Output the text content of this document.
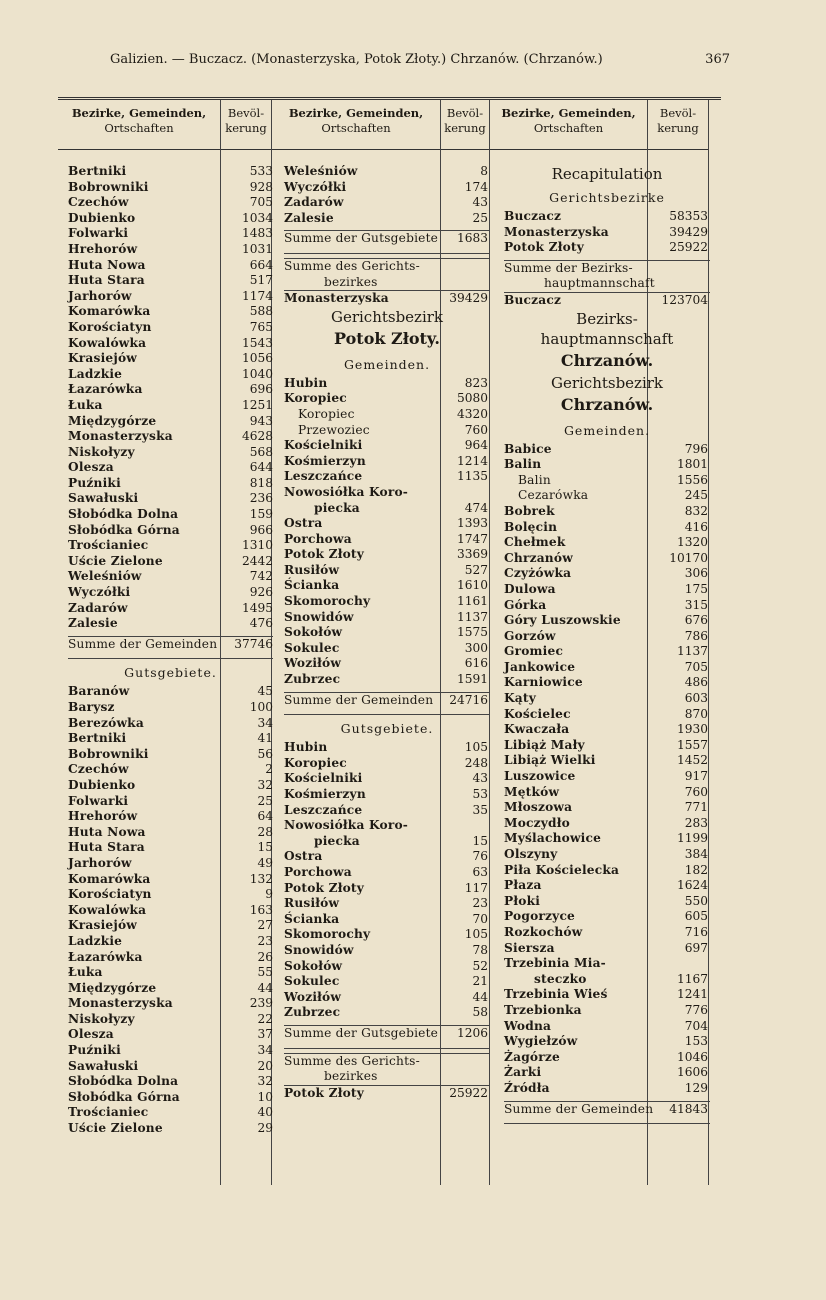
Galizien. — Buczacz. (Monasterzyska, Potok Złoty.) Chrzanów. (Chrzanów.)	367
Bezirke, Gemeinden,
Ortschaften
Bevöl-
kerung
Bezirke, Gemeinden,
Ortschaften
Bevöl-
kerung
Bezirke, Gemeinden,
Ortschaften
Bevöl-
kerung
Bertniki	533
Bobrowniki	928
Czechów	705
Dubienko	1034
Folwarki	1483
Hrehorów	1031
Huta Nowa	664
Huta Stara	517
Jarhorów	1174
Komarówka	588
Korościatyn	765
Kowalówka	1543
Krasiejów	1056
Ladzkie	1040
Łazarówka	696
Łuka	1251
Międzygórze	943
Monasterzyska	4628
Niskołyzy	568
Olesza	644
Puźniki	818
Sawałuski	236
Słobódka Dolna	159
Słobódka Górna	966
Trościaniec	1310
Uście Zielone	2442
Weleśniów	742
Wyczółki	926
Zadarów	1495
Zalesie	476
Summe der Gemeinden 37746
Gutsgebiete.
Baranów	45
Barysz	100
Berezówka	34
Bertniki	41
Bobrowniki	56
Czechów	2
Dubienko	32
Folwarki	25
Hrehorów	64
Huta Nowa	28
Huta Stara	15
Jarhorów	49
Komarówka	132
Korościatyn	9
Kowalówka	163
Krasiejów	27
Ladzkie	23
Łazarówka	26
Łuka	55
Międzygórze	44
Monasterzyska	239
Niskołyzy	22
Olesza	37
Puźniki	34
Sawałuski	20
Słobódka Dolna	32
Słobódka Górna	10
Trościaniec	40
Uście Zielone	29
Weleśniów	8
Wyczółki	174
Zadarów	43
Zalesie	25
Summe der Gutsgebiete 1683
Summe des Gerichts-
bezirkes
Monasterzyska	39429
Gerichtsbezirk
Potok Złoty.
Gemeinden.
Hubin	823
Koropiec	5080
Koropiec	4320
Przewoziec	760
Kościelniki	964
Kośmierzyn	1214
Leszczańce	1135
Nowosiółka Koro-
piecka	474
Ostra	1393
Porchowa	1747
Potok Złoty	3369
Rusiłów	527
Ścianka	1610
Skomorochy	1161
Snowidów	1137
Sokołów	1575
Sokulec	300
Woziłów	616
Zubrzec	1591
Summe der Gemeinden 24716
Gutsgebiete.
Hubin	105
Koropiec	248
Kościelniki	43
Kośmierzyn	53
Leszczańce	35
Nowosiółka Koro-
piecka	15
Ostra	76
Porchowa	63
Potok Złoty	117
Rusiłów	23
Ścianka	70
Skomorochy	105
Snowidów	78
Sokołów	52
Sokulec	21
Woziłów	44
Zubrzec	58
Summe der Gutsgebiete 1206
Summe des Gerichts-
bezirkes
Potok Złoty	25922
Recapitulation
Gerichtsbezirke
Buczacz	58353
Monasterzyska	39429
Potok Złoty	25922
Summe der Bezirks-
hauptmannschaft
Buczacz	123704
Bezirks-
hauptmannschaft
Chrzanów.
Gerichtsbezirk
Chrzanów.
Gemeinden.
Babice	796
Balin	1801
Balin	1556
Cezarówka	245
Bobrek	832
Bolęcin	416
Chełmek	1320
Chrzanów	10170
Czyżówka	306
Dulowa	175
Górka	315
Góry Luszowskie	676
Gorzów	786
Gromiec	1137
Jankowice	705
Karniowice	486
Kąty	603
Kościelec	870
Kwaczała	1930
Libiąż Mały	1557
Libiąż Wielki	1452
Luszowice	917
Mętków	760
Młoszowa	771
Moczydło	283
Myślachowice	1199
Olszyny	384
Piła Kościelecka	182
Płaza	1624
Płoki	550
Pogorzyce	605
Rozkochów	716
Siersza	697
Trzebinia Mia-
steczko	1167
Trzebinia Wieś	1241
Trzebionka	776
Wodna	704
Wygiełzów	153
Żagórze	1046
Żarki	1606
Źródła	129
Summe der Gemeinden 41843
